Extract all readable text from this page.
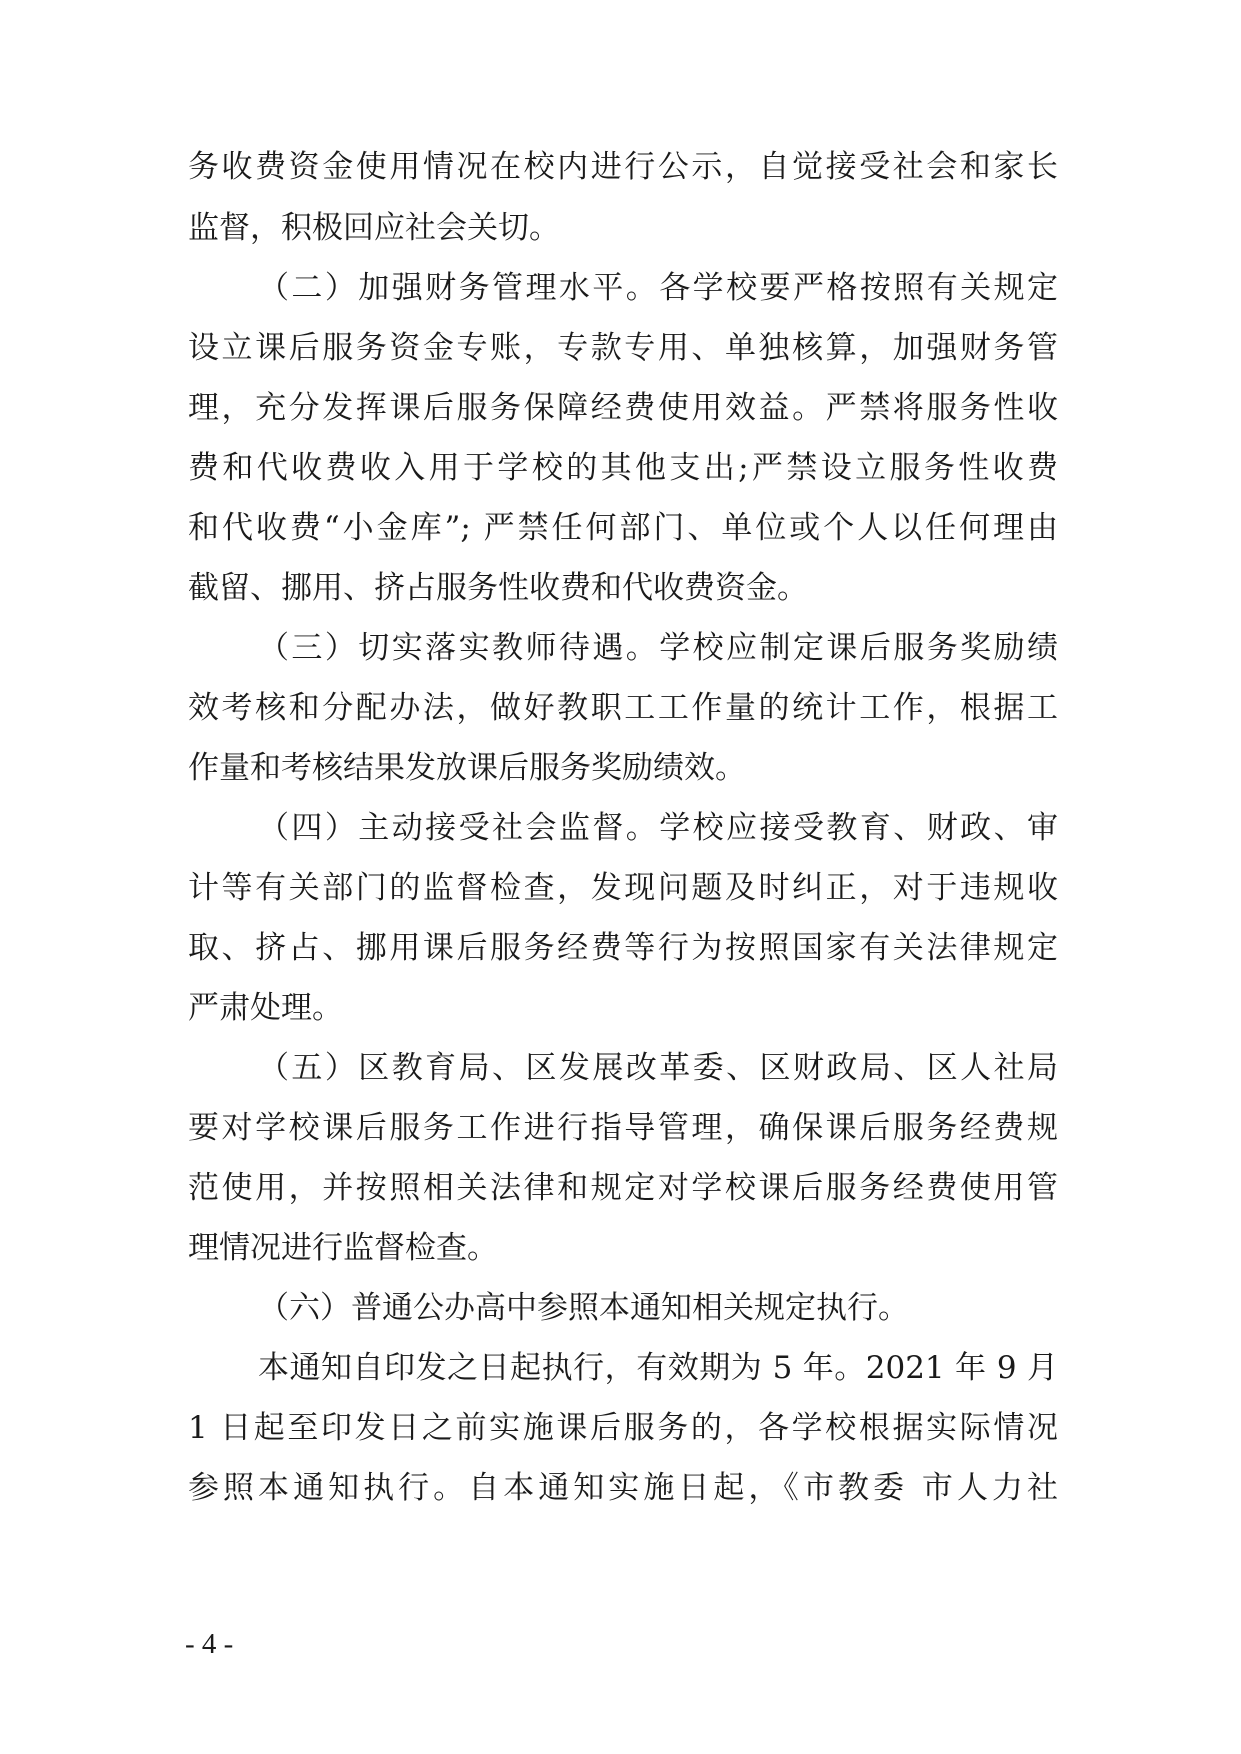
务收费资金使用情况在校内进行公示，自觉接受社会和家长
监督，积极回应社会关切。
（二）加强财务管理水平。各学校要严格按照有关规定
设立课后服务资金专账，专款专用、单独核算，加强财务管
理，充分发挥课后服务保障经费使用效益。严禁将服务性收
费和代收费收入用于学校的其他支出;严禁设立服务性收费
和代收费“小金库”; 严禁任何部门、单位或个人以任何理由
截留、挪用、挤占服务性收费和代收费资金。
（三）切实落实教师待遇。学校应制定课后服务奖励绩
效考核和分配办法，做好教职工工作量的统计工作，根据工
作量和考核结果发放课后服务奖励绩效。
（四）主动接受社会监督。学校应接受教育、财政、审
计等有关部门的监督检查，发现问题及时纠正，对于违规收
取、挤占、挪用课后服务经费等行为按照国家有关法律规定
严肃处理。
（五）区教育局、区发展改革委、区财政局、区人社局
要对学校课后服务工作进行指导管理，确保课后服务经费规
范使用，并按照相关法律和规定对学校课后服务经费使用管
理情况进行监督检查。
（六）普通公办高中参照本通知相关规定执行。
本通知自印发之日起执行，有效期为 5 年。2021 年 9 月
1 日起至印发日之前实施课后服务的，各学校根据实际情况
参照本通知执行。自本通知实施日起，《市教委 市人力社
- 4 -
